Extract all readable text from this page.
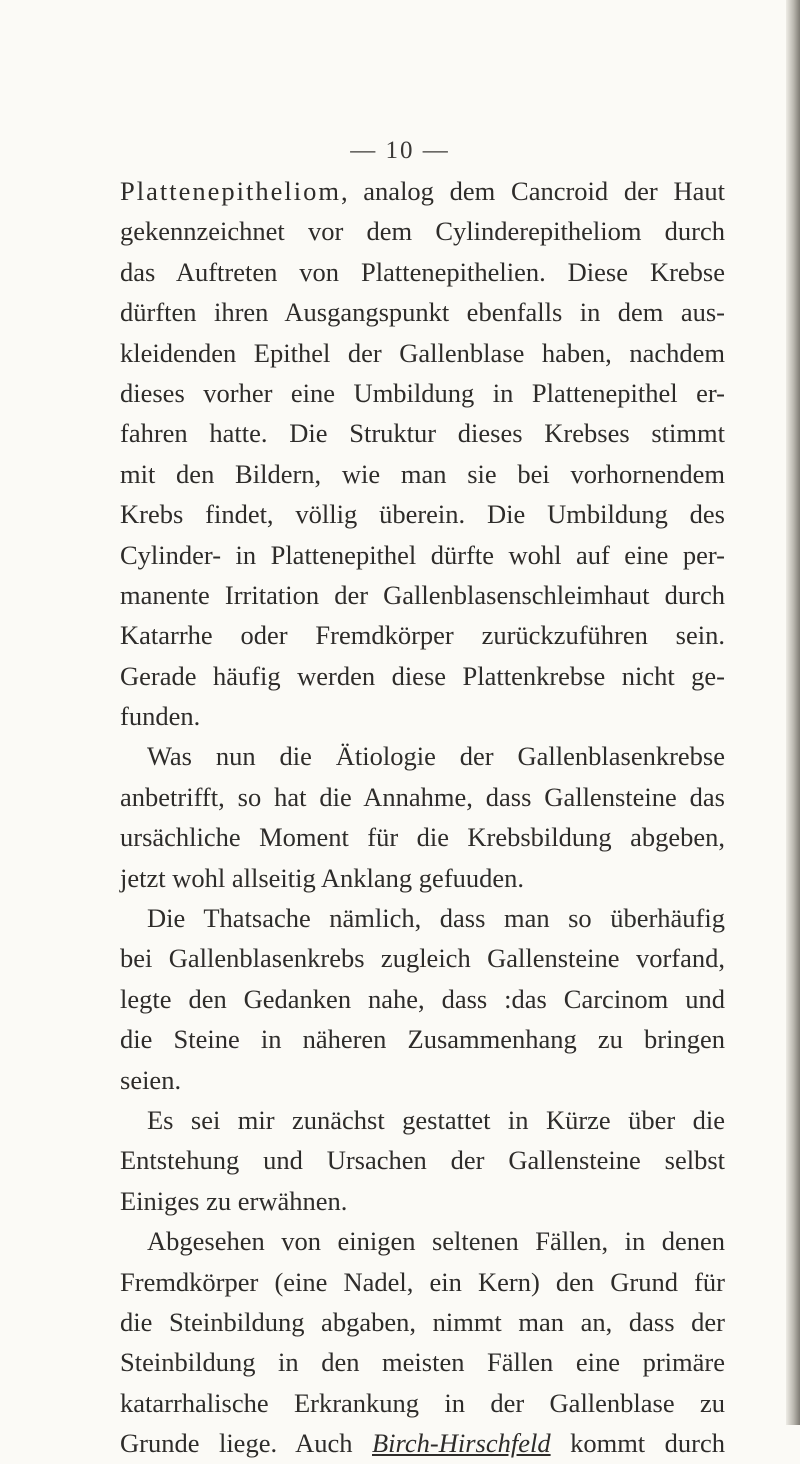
— 10 —
Plattenepitheliom, analog dem Cancroid der Haut
gekennzeichnet vor dem Cylinderepitheliom durch
das Auftreten von Plattenepithelien. Diese Krebse
dürften ihren Ausgangspunkt ebenfalls in dem aus-
kleidenden Epithel der Gallenblase haben, nachdem
dieses vorher eine Umbildung in Plattenepithel er-
fahren hatte. Die Struktur dieses Krebses stimmt
mit den Bildern, wie man sie bei vorhornendem
Krebs findet, völlig überein. Die Umbildung des
Cylinder- in Plattenepithel dürfte wohl auf eine per-
manente Irritation der Gallenblasenschleimhaut durch
Katarrhe oder Fremdkörper zurückzuführen sein.
Gerade häufig werden diese Plattenkrebse nicht ge-
funden.
Was nun die Ätiologie der Gallenblasenkrebse
anbetrifft, so hat die Annahme, dass Gallensteine das
ursächliche Moment für die Krebsbildung abgeben,
jetzt wohl allseitig Anklang gefuuden.
Die Thatsache nämlich, dass man so überhäufig
bei Gallenblasenkrebs zugleich Gallensteine vorfand,
legte den Gedanken nahe, dass :das Carcinom und
die Steine in näheren Zusammenhang zu bringen
seien.
Es sei mir zunächst gestattet in Kürze über die
Entstehung und Ursachen der Gallensteine selbst
Einiges zu erwähnen.
Abgesehen von einigen seltenen Fällen, in denen
Fremdkörper (eine Nadel, ein Kern) den Grund für
die Steinbildung abgaben, nimmt man an, dass der
Steinbildung in den meisten Fällen eine primäre
katarrhalische Erkrankung in der Gallenblase zu
Grunde liege. Auch Birch-Hirschfeld kommt durch
